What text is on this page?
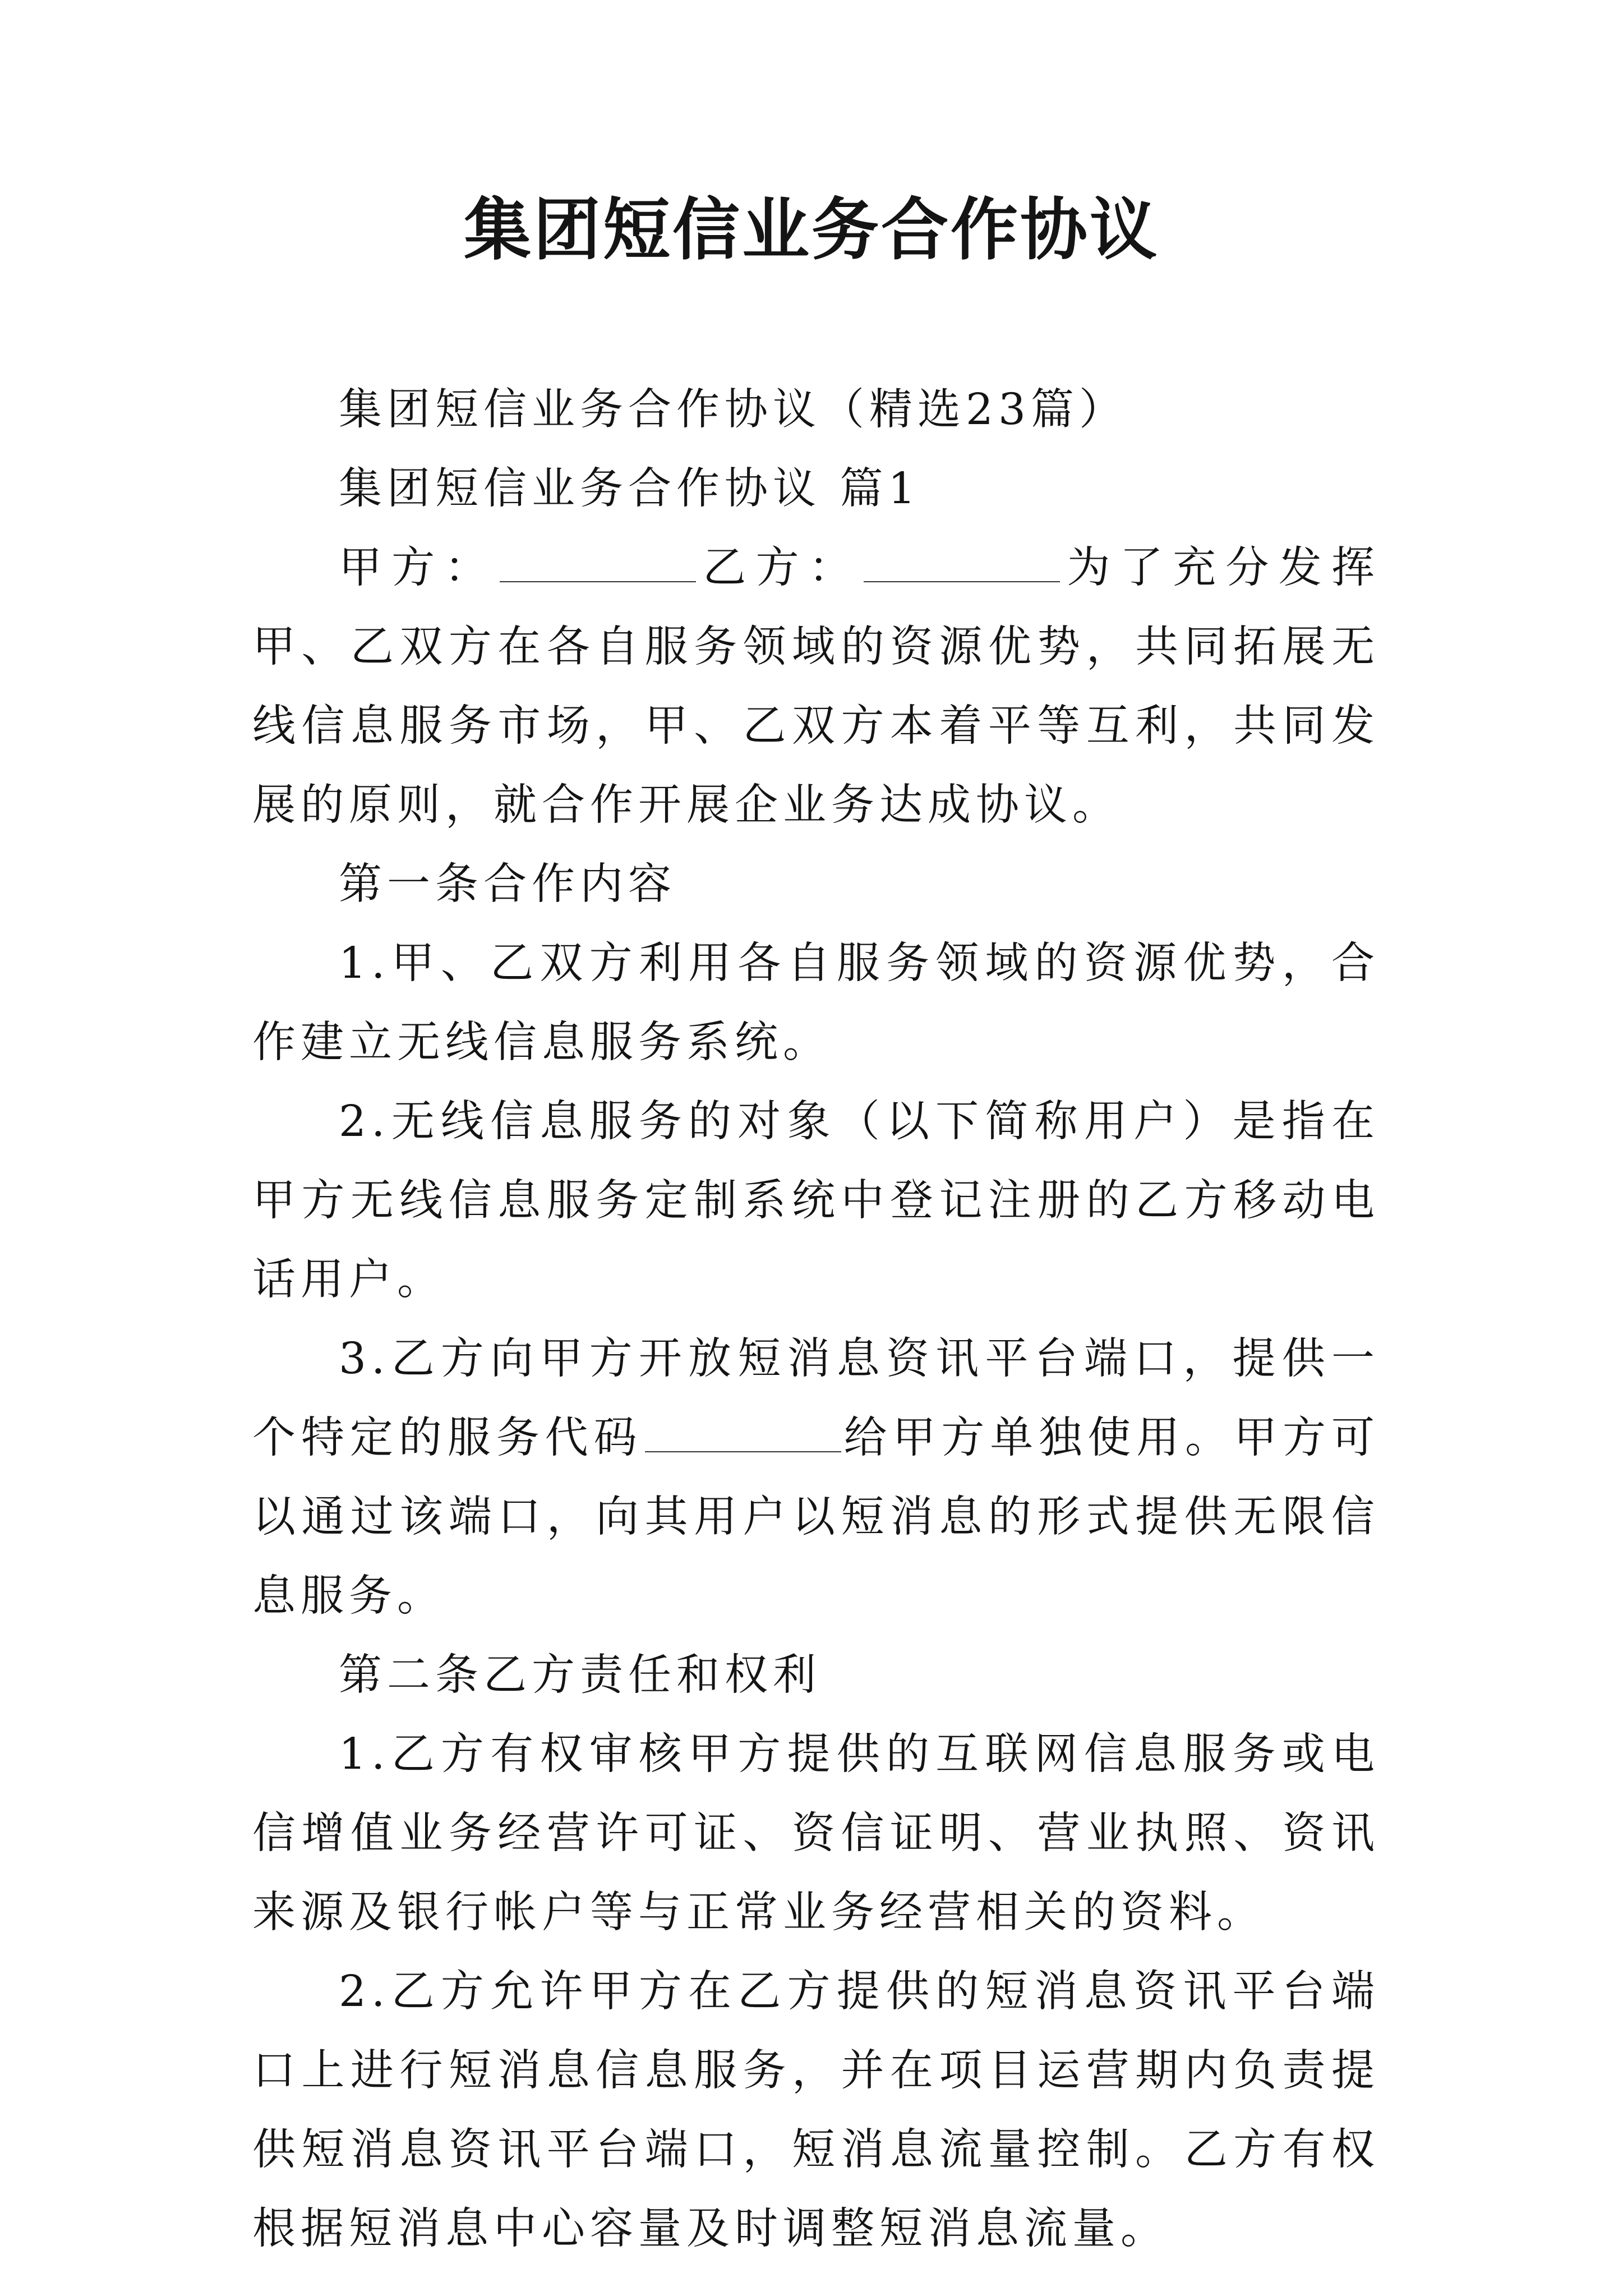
集团短信业务合作协议

集团短信业务合作协议（精选23篇）

集团短信业务合作协议 篇1

甲方：	乙方：	为了充分发挥甲、乙双方在各自服务领域的资源优势，共同拓展无线信息服务市场，甲、乙双方本着平等互利，共同发展的原则，就合作开展企业务达成协议。

第一条合作内容

1.甲、乙双方利用各自服务领域的资源优势，合作建立无线信息服务系统。

2.无线信息服务的对象（以下简称用户）是指在甲方无线信息服务定制系统中登记注册的乙方移动电话用户。

3.乙方向甲方开放短消息资讯平台端口，提供一个特定的服务代码	给甲方单独使用。甲方可以通过该端口，向其用户以短消息的形式提供无限信息服务。

第二条乙方责任和权利

1.乙方有权审核甲方提供的互联网信息服务或电信增值业务经营许可证、资信证明、营业执照、资讯来源及银行帐户等与正常业务经营相关的资料。

2.乙方允许甲方在乙方提供的短消息资讯平台端口上进行短消息信息服务，并在项目运营期内负责提供短消息资讯平台端口，短消息流量控制。乙方有权根据短消息中心容量及时调整短消息流量。
